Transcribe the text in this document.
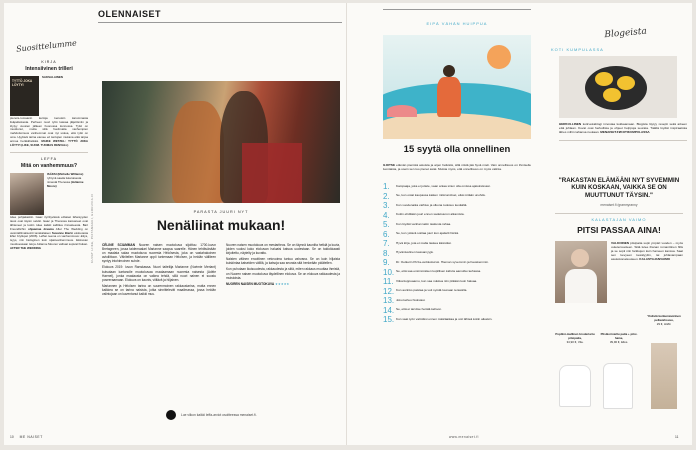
OLENNAISET
Suosittelumme
KIRJA
Intensiivinen trilleri
TYTTÖ JOKA LÖYTYI
SAKSALAINEN
pienois-romaanin kertoja keruokin karummasta lisäpelkokesta. Perheen nuori tyttö katoaa jäljettömiin ja löytyy vuosien jälkeen huonossa kunnossa. Tyttö on muuttunut, mutta siitä huolimatta vanhempien mahdottomuus vanhemmat ovat nyt uskoa, että tyttö on oma. Hyytävä tarina etenee eri kertojien mukana eikä tarjoa armoa herkkähelkäsi. MAIKE WETZEL: TYTTÖ JOKA LÖYTYI (LIKE, SUOM. TUOMAS RENVALL)
LEFFA
Mitä on vanhemmuus?
ISÄKSI (Michelle Williams) ryhtyvä saada lukeraisesta nimestä Theressa (Julianne Moore)
tulee pohjakastiin. Isaac riyrittyvässä erilaiset läheisyyden tasot ovat täysin selvät. Isaac ja Theressa kasvaneet ovat lähteneet ja kotiin tulee kaikki sallittua rinnasteesta. Bart Freundlichin ohjaamaa draama After The Wedding on uusintafilmatisointi tanskalaisen Susanne Bierin elokuvasta Efter bryllupet (2006). Leffan teema on vanhemmuus: äitiys, isyys, niin biologinen kuin sijaisvanhemmuus. Elokuvan muuttuessaan isä ja Julianne Mooren valtiuat sopivat hiukan. AFTER THE WEDDING	KUVAT LIIKE, PIXTAMAKKI, ELOKUVIA.FI	PARASTA JUURI NYT
Nenäliinat mukaan!

CÉLINE SCIAMMAN Nuoren naisen muotokuva sijoittuu 1700-luvun Bretagneen, jossa taidemaalari Marianne saapuu saarelle. Hänen tehtävänään on maalata salaa muotokuva nuoresta Héloïsesta, joka on vastahakoinen avioliittoon. Vähitellen Marianne oppii tuntemaan Héloïsen, ja heidän välilleen syntyy intohimoinen suhde.

Elokuva 2019: luvun Ranskassa. Nuori taiteilija Marianne (Noémie Merlant) kutsutaan kartanolle muotokuvaa maalaamaan nuoresta naisesta (Adèle Haenel), jonka maalausta on vaikea tehdä, sillä nuori nainen ei suostu poseeraamaan. Elokuva on kaunis, viiltävä ja hiljainen.

Mariannen ja Héloïsen tarina on suurenmoinen rakkaustarina, mutta ennen kaikkea se on tarina naisista, jotka sinnittelevät maailmassa, jossa heidän valintojaan on kaventanut kaikki muu.

Nuoren naisen muotokuva on mestariteos. Se on täynnä kauniita hetkiä ja kuvia, joiden vuoksi koko elokuvan haluaisi katsoa uudestaan. Se on taidokkaasti kirjoitettu, näytelty ja kuvattu.

Naisten välinen eroottinen vetovoima tuntuu vahvana. Se on kuin hiljaista kuiskintaa katseiden välillä, ja katsoja saa seurata sitä henkeään pidätellen.

Kun puhutaan ikuisuudesta, rakkaudesta ja siitä, miten rakkaus muuttaa ihmistä, on Nuoren naisen muotokuva täydellinen elokuva. Se on elokuva rakkaudesta ja muistoista.

NUOREN NAISEN MUOTOKUVA ★★★★★

Lue viikon kaikki leffa-arviot osoitteessa menaiset.fi.
10 ME NAISET
EIPÄ VÄHÄN HUIPPUA
15 syytä olla onnellinen
ILOITSE elämän pienistä asioista ja arjen hetkistä, sillä niistä jää hyvä mieli. Vain onnellisuus on ihmiselle luontaista, ja usein sen tuo pienet asiat. Muista myös, että onnellisuus on myös valinta.
1.	Kampaaja, joka ei juttele, vaan antaa sinun olla omissa ajatuksissasi.
2.	Se, kun ostat kaupassa kaiken mitä tarvitset, eikä mitään unohdu.
3.	Kun vuodenaika vaihtuu ja ulkona tuoksuu keväältä.
4.	Kotiin ehditään juuri ennen sadekuuron alkamista.
5.	Kun löydät vanhan takin taskusta rahaa.
6.	Se, kun ystävä soittaa juuri kun ajattelit häntä.
7.	Hyvä kirja, jota et malta laskea käsistäsi.
8.	Hyväntuulinen kassamyyjä.
9.	Dr. Oetkerin Pizza-verkkokurssi. Hieman syvemmin ja hauskemmin.
10. Se, että saa ensimmäisen kupillisen kahvia aamulla rauhassa.
11. Viikonloppuaamu, kun saa nukkua niin pitkään kuin haluaa.
12. Kun aurinko paistaa ja voit syödä lounaan terassilla.
13. Joku kehuu hiuksiasi.
14. Se, että ei tarvitse herätä kelloon.
15. Kun saat työn valmiiksi ennen määräaikaa ja voit lähteä kotiin aikaisin.
Blogeista
KOTI KUMPULASSA
HERKULLINEN kotiruokablogi innostaa kokkaamaan. Blogista löytyy resepti sekä arkeen että juhlaan. Kuvat ovat herkullisia ja ohjeet helppoja seurata. Täältä löydät inspiraatiota lähes mihin tahansa ruokaan. MENAISET.FI/KOTIKUMPULASSA
"RAKASTAN ELÄMÄÄNI NYT SYVEMMIN KUIN KOSKAAN, VAIKKA SE ON MUUTTUNUT TÄYSIN."
menaiset.fi /gramnyranny
KALASTAJAN VAIMO
PITSI PASSAA AINA!
VALKOINEN pitsipaita sopii ympäri vuoden – myös uutetensuoleen. Siitä tulee ihanan romanttinen fiilis ja se sopii niin farkkujen kuin hameen kanssa. Saat sen kevyeen kesätyyliin, tai juhlavampaan asukokonaisuuteen. KALASTAJANVAIMO
Popliini-mallinen broderiartu pitsipaita,
34,90 €, Vila.
Pitsikoristeltu paita + pitsi-hame,
39,90 €, Ellos.
Yhdistä kurkumavärinen pellavahousu,
29 €, H&M.
www.menaiset.fi	11
